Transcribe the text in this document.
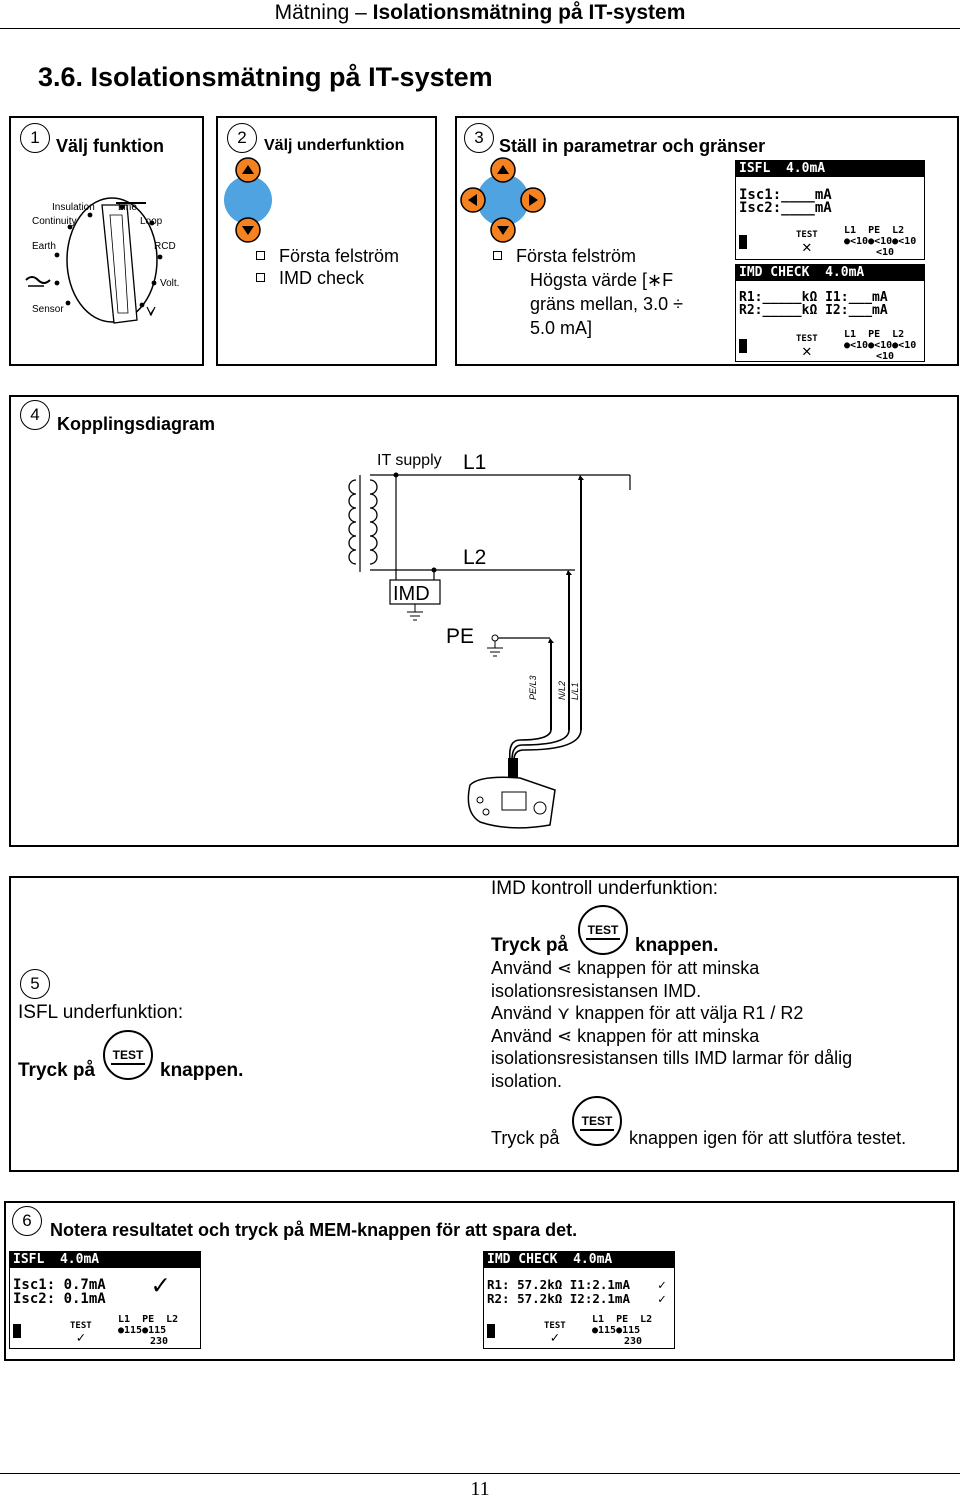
Mätning – Isolationsmätning på IT-system
3.6. Isolationsmätning på IT-system
1 Välj funktion
Insulation
Continuity
Line
Loop
Earth	RCD
Volt.
Sensor
2	Välj underfunktion
Första felström
IMD check
3 Ställ in parametrar och gränser
Första felström
Högsta värde [∗F
gräns mellan, 3.0 ÷
5.0 mA]
ISFL  4.0mA
Isc1:____mA
Isc2:____mA
L1  PE  L2
●<10●<10●<10
<10
TEST
✕
IMD CHECK  4.0mA
R1:_____kΩ I1:___mA
R2:_____kΩ I2:___mA
L1  PE  L2
●<10●<10●<10
<10
TEST
✕
4 Kopplingsdiagram
IT supply L1
L2
IMD
PE
PE/L3 N/L2 L/L1
5
ISFL underfunktion:
Tryck på
TEST
knappen.
IMD kontroll underfunktion:
Tryck på
TEST
knappen.
Använd ⋖ knappen för att minska
isolationsresistansen IMD.
Använd ⋎ knappen för att välja R1 / R2
Använd ⋖ knappen för att minska
isolationsresistansen tills IMD larmar för dålig
isolation.
Tryck på
TEST
knappen igen för att slutföra testet.
6	Notera resultatet och tryck på MEM-knappen för att spara det.
ISFL  4.0mA
Isc1: 0.7mA
Isc2: 0.1mA	✓
L1  PE  L2
●115●115
230
TEST
✓
IMD CHECK  4.0mA
R1: 57.2kΩ I1:2.1mA
R2: 57.2kΩ I2:2.1mA
✓
✓
L1  PE  L2
●115●115
230
TEST
✓
11
